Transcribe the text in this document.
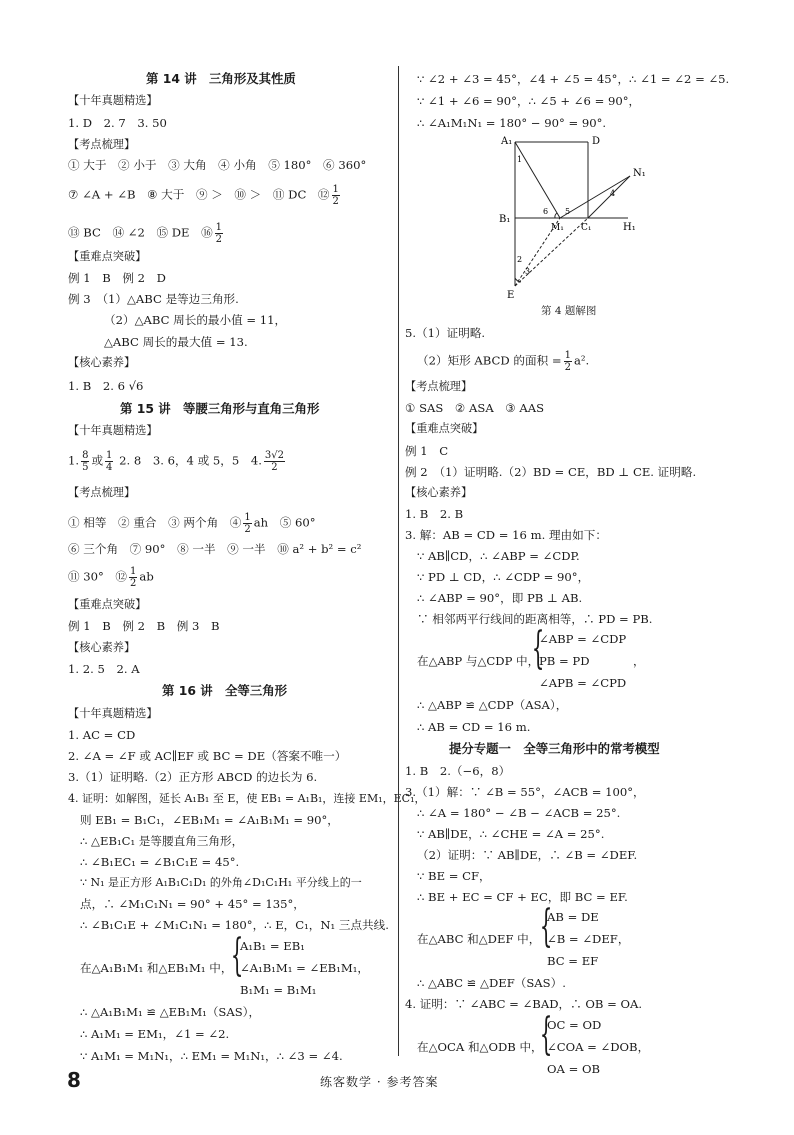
第 14 讲　三角形及其性质
【十年真题精选】
1. D　2. 7　3. 50
【考点梳理】
① 大于　② 小于　③ 大角　④ 小角　⑤ 180°　⑥ 360°
⑦ ∠A + ∠B　⑧ 大于　⑨ ＞　⑩ ＞　⑪ DC　⑫ $\frac{1}{2}$
⑬ BC　⑭ ∠2　⑮ DE　⑯ $\frac{1}{2}$
【重难点突破】
例 1　B　例 2　D
例 3　（1）△ABC 是等边三角形.
（2）△ABC 周长的最小值 = 11，
△ABC 周长的最大值 = 13.
【核心素养】
1. B　2. 6 √6
第 15 讲　等腰三角形与直角三角形
【十年真题精选】
1. $\frac{8}{5}$ 或 $\frac{1}{4} 2$. 8　3. 6，4 或 5，5　4. $\frac{3√2}{2}$
【考点梳理】
① 相等　② 重合　③ 两个角　④ $\frac{1}{2}$ ah　⑤ 60°
⑥ 三个角　⑦ 90°　⑧ 一半　⑨ 一半　⑩ a² + b² = c²
⑪ 30°　⑫ $\frac{1}{2}$ ab
【重难点突破】
例 1　B　例 2　B　例 3　B
【核心素养】
1. 2. 5　2. A
第 16 讲　全等三角形
【十年真题精选】
1. AC = CD
2. ∠A = ∠F 或 AC∥EF 或 BC = DE（答案不唯一）
3.（1）证明略.（2）正方形 ABCD 的边长为 6.
4. 证明：如解图，延长 A₁B₁ 至 E，使 EB₁ = A₁B₁，连接 EM₁，EC₁，
则 EB₁ = B₁C₁，∠EB₁M₁ = ∠A₁B₁M₁ = 90°，
∴ △EB₁C₁ 是等腰直角三角形，
∴ ∠B₁EC₁ = ∠B₁C₁E = 45°.
∵ N₁ 是正方形 A₁B₁C₁D₁ 的外角∠D₁C₁H₁ 平分线上的一
点，∴ ∠M₁C₁N₁ = 90° + 45° = 135°，
∴ ∠B₁C₁E + ∠M₁C₁N₁ = 180°，∴ E，C₁，N₁ 三点共线.
A₁B₁ = EB₁
在△A₁B₁M₁ 和△EB₁M₁ 中，
{
∠A₁B₁M₁ = ∠EB₁M₁，
B₁M₁ = B₁M₁
∴ △A₁B₁M₁ ≌ △EB₁M₁（SAS），
∴ A₁M₁ = EM₁，∠1 = ∠2.
∵ A₁M₁ = M₁N₁，∴ EM₁ = M₁N₁，∴ ∠3 = ∠4.
∵ ∠2 + ∠3 = 45°，∠4 + ∠5 = 45°，∴ ∠1 = ∠2 = ∠5.
∵ ∠1 + ∠6 = 90°，∴ ∠5 + ∠6 = 90°，
∴ ∠A₁M₁N₁ = 180° − 90° = 90°.
A₁	D
N₁
B₁
M₁ C₁	H₁
E
1
2
3
4
5
6
第 4 题解图
5.（1）证明略.
（2）矩形 ABCD 的面积 = $\frac{1}{2} a^2$.
【考点梳理】
① SAS　② ASA　③ AAS
【重难点突破】
例 1　C
例 2　（1）证明略.（2）BD = CE，BD ⊥ CE. 证明略.
【核心素养】
1. B　2. B
3. 解：AB = CD = 16 m. 理由如下：
∵ AB∥CD，∴ ∠ABP = ∠CDP.
∵ PD ⊥ CD，∴ ∠CDP = 90°，
∴ ∠ABP = 90°，即 PB ⊥ AB.
∵ 相邻两平行线间的距离相等，∴ PD = PB.
∠ABP = ∠CDP
在△ABP 与△CDP 中，
{
PB = PD	，
∠APB = ∠CPD
∴ △ABP ≌ △CDP（ASA），
∴ AB = CD = 16 m.
提分专题一　全等三角形中的常考模型
1. B　2.（−6，8）
3.（1）解：∵ ∠B = 55°，∠ACB = 100°，
∴ ∠A = 180° − ∠B − ∠ACB = 25°.
∵ AB∥DE，∴ ∠CHE = ∠A = 25°.
（2）证明：∵ AB∥DE，∴ ∠B = ∠DEF.
∵ BE = CF，
∴ BE + EC = CF + EC，即 BC = EF.
AB = DE
在△ABC 和△DEF 中， {
∠B = ∠DEF，
BC = EF
∴ △ABC ≌ △DEF（SAS）.
4. 证明：∵ ∠ABC = ∠BAD，∴ OB = OA.
OC = OD
在△OCA 和△ODB 中，
{
∠COA = ∠DOB，
OA = OB
8	练客数学 · 参考答案
